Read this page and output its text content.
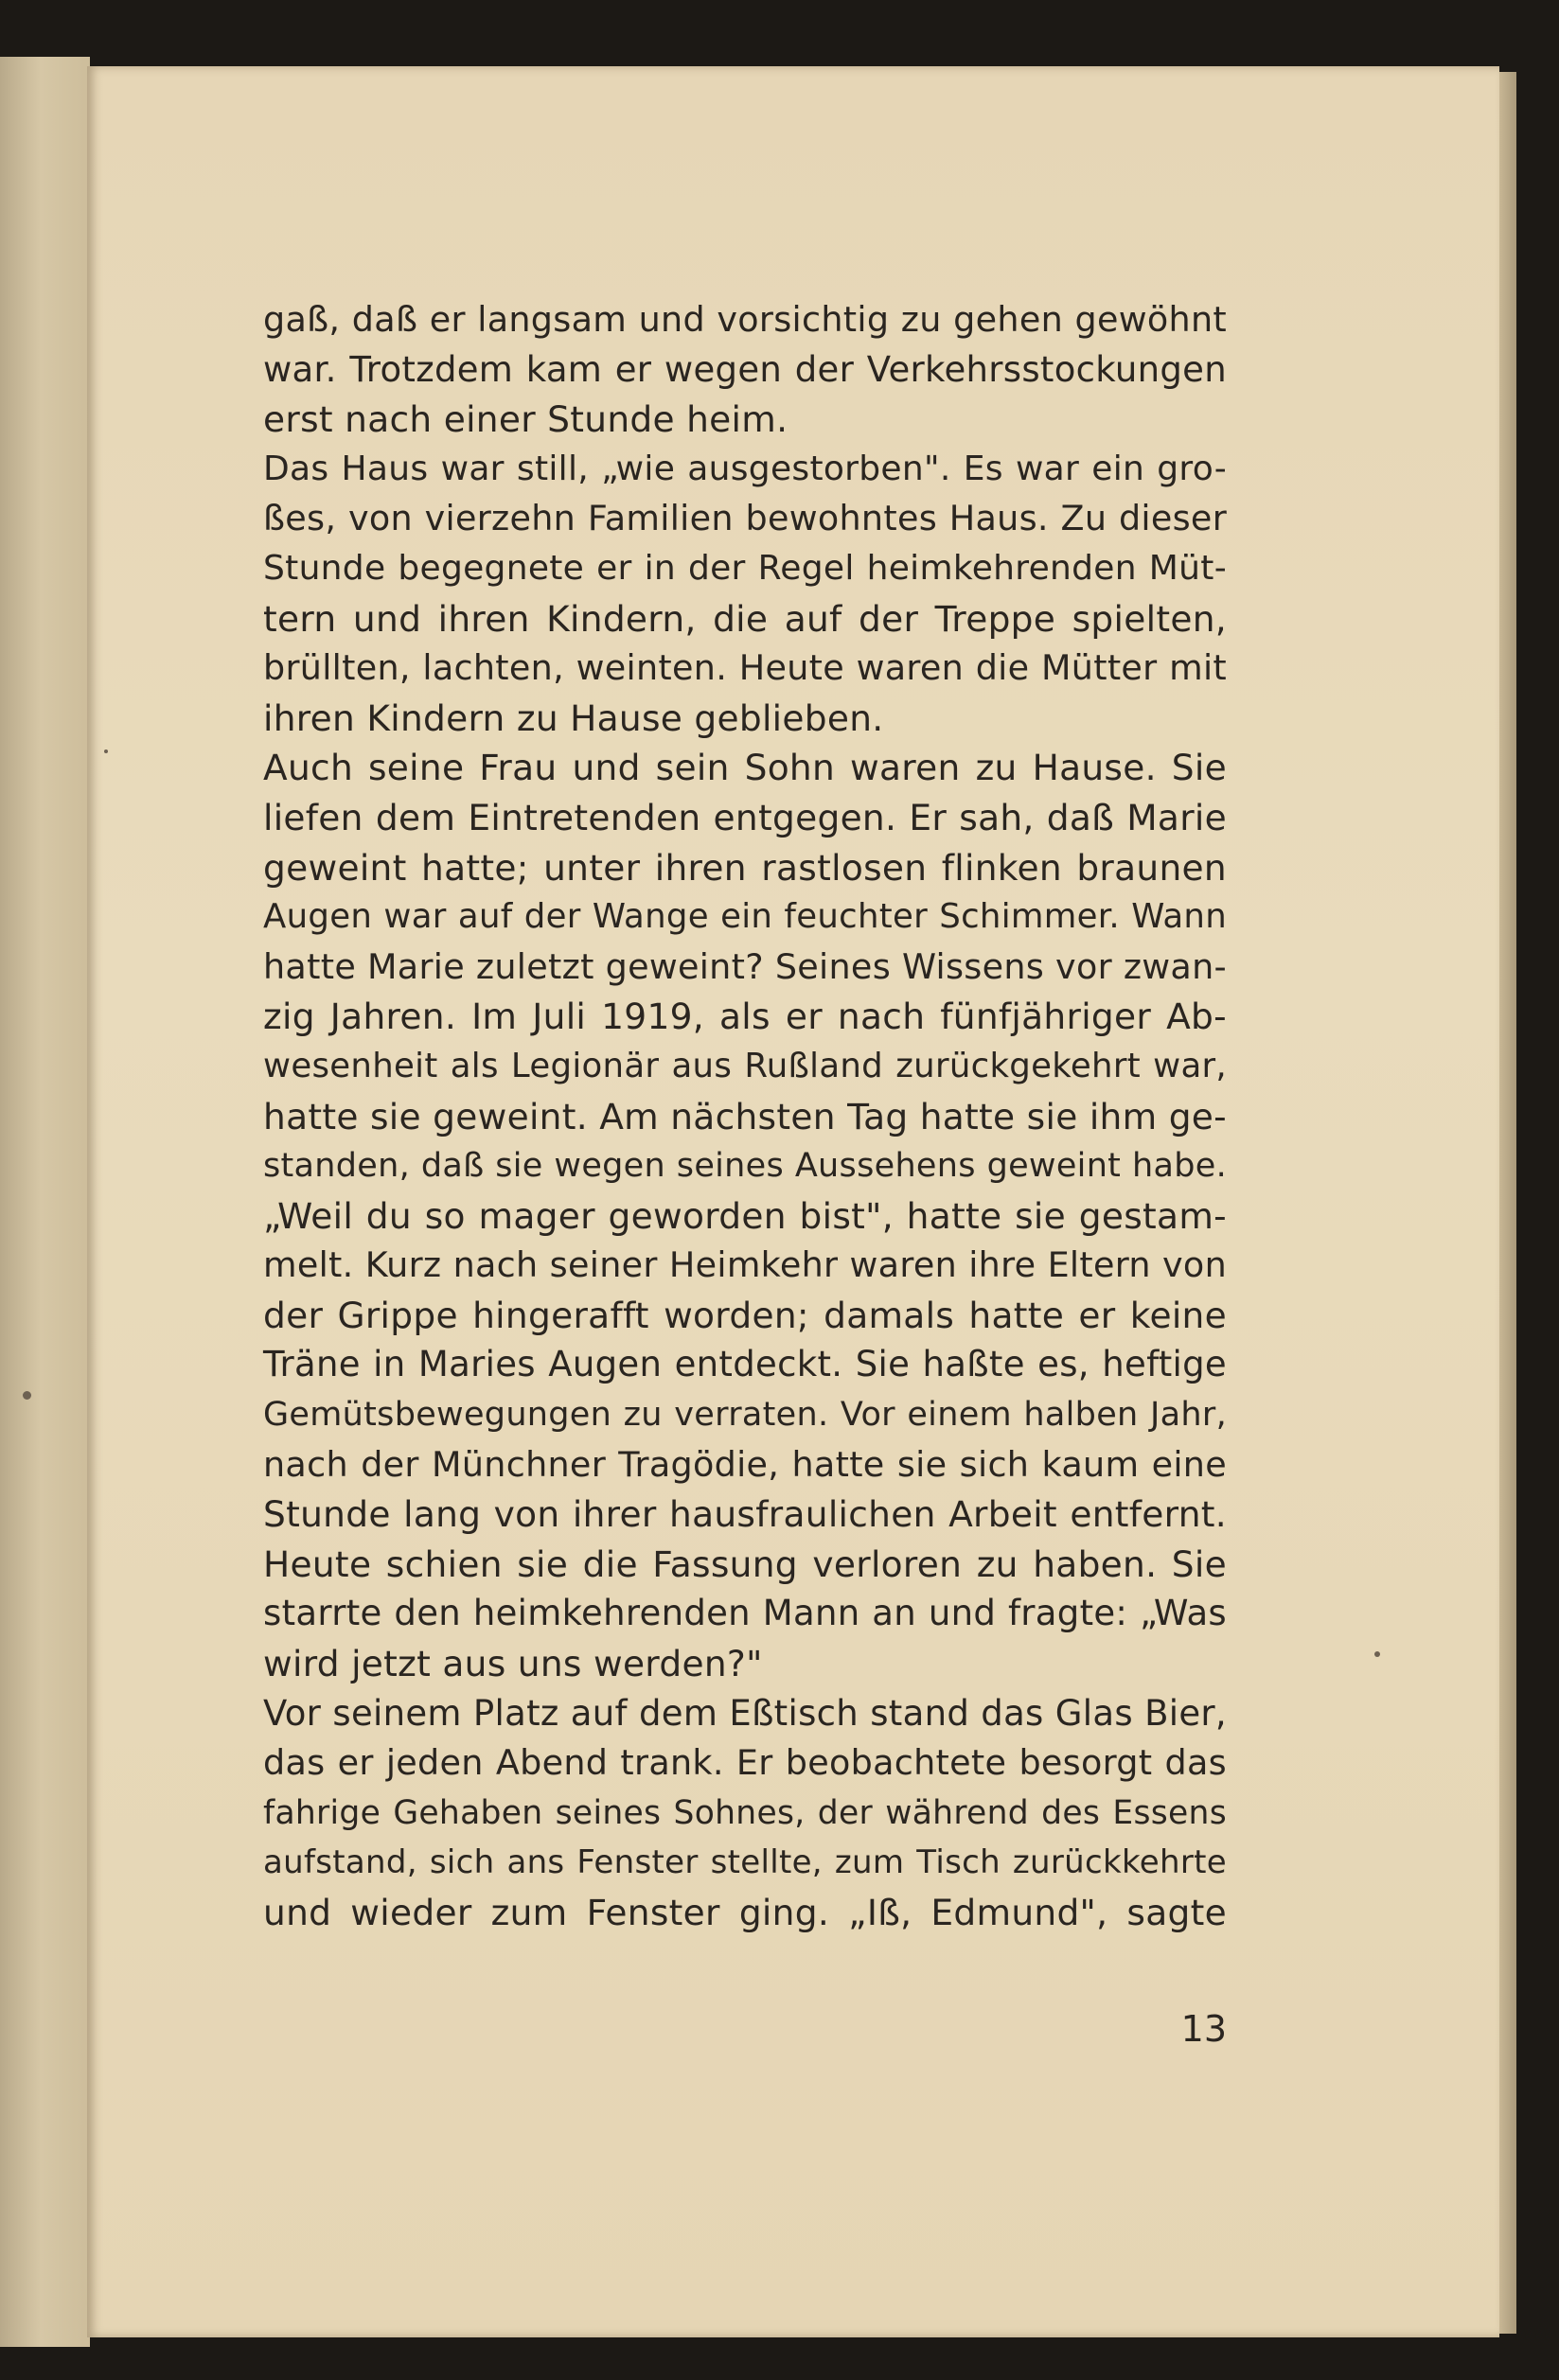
gaß, daß er langsam und vorsichtig zu gehen gewöhnt
war. Trotzdem kam er wegen der Verkehrsstockungen
erst nach einer Stunde heim.
Das Haus war still, „wie ausgestorben". Es war ein gro-
ßes, von vierzehn Familien bewohntes Haus. Zu dieser
Stunde begegnete er in der Regel heimkehrenden Müt-
tern und ihren Kindern, die auf der Treppe spielten,
brüllten, lachten, weinten. Heute waren die Mütter mit
ihren Kindern zu Hause geblieben.
Auch seine Frau und sein Sohn waren zu Hause. Sie
liefen dem Eintretenden entgegen. Er sah, daß Marie
geweint hatte; unter ihren rastlosen flinken braunen
Augen war auf der Wange ein feuchter Schimmer. Wann
hatte Marie zuletzt geweint? Seines Wissens vor zwan-
zig Jahren. Im Juli 1919, als er nach fünfjähriger Ab-
wesenheit als Legionär aus Rußland zurückgekehrt war,
hatte sie geweint. Am nächsten Tag hatte sie ihm ge-
standen, daß sie wegen seines Aussehens geweint habe.
„Weil du so mager geworden bist", hatte sie gestam-
melt. Kurz nach seiner Heimkehr waren ihre Eltern von
der Grippe hingerafft worden; damals hatte er keine
Träne in Maries Augen entdeckt. Sie haßte es, heftige
Gemütsbewegungen zu verraten. Vor einem halben Jahr,
nach der Münchner Tragödie, hatte sie sich kaum eine
Stunde lang von ihrer hausfraulichen Arbeit entfernt.
Heute schien sie die Fassung verloren zu haben. Sie
starrte den heimkehrenden Mann an und fragte: „Was
wird jetzt aus uns werden?"
Vor seinem Platz auf dem Eßtisch stand das Glas Bier,
das er jeden Abend trank. Er beobachtete besorgt das
fahrige Gehaben seines Sohnes, der während des Essens
aufstand, sich ans Fenster stellte, zum Tisch zurückkehrte
und wieder zum Fenster ging. „Iß, Edmund", sagte
13
